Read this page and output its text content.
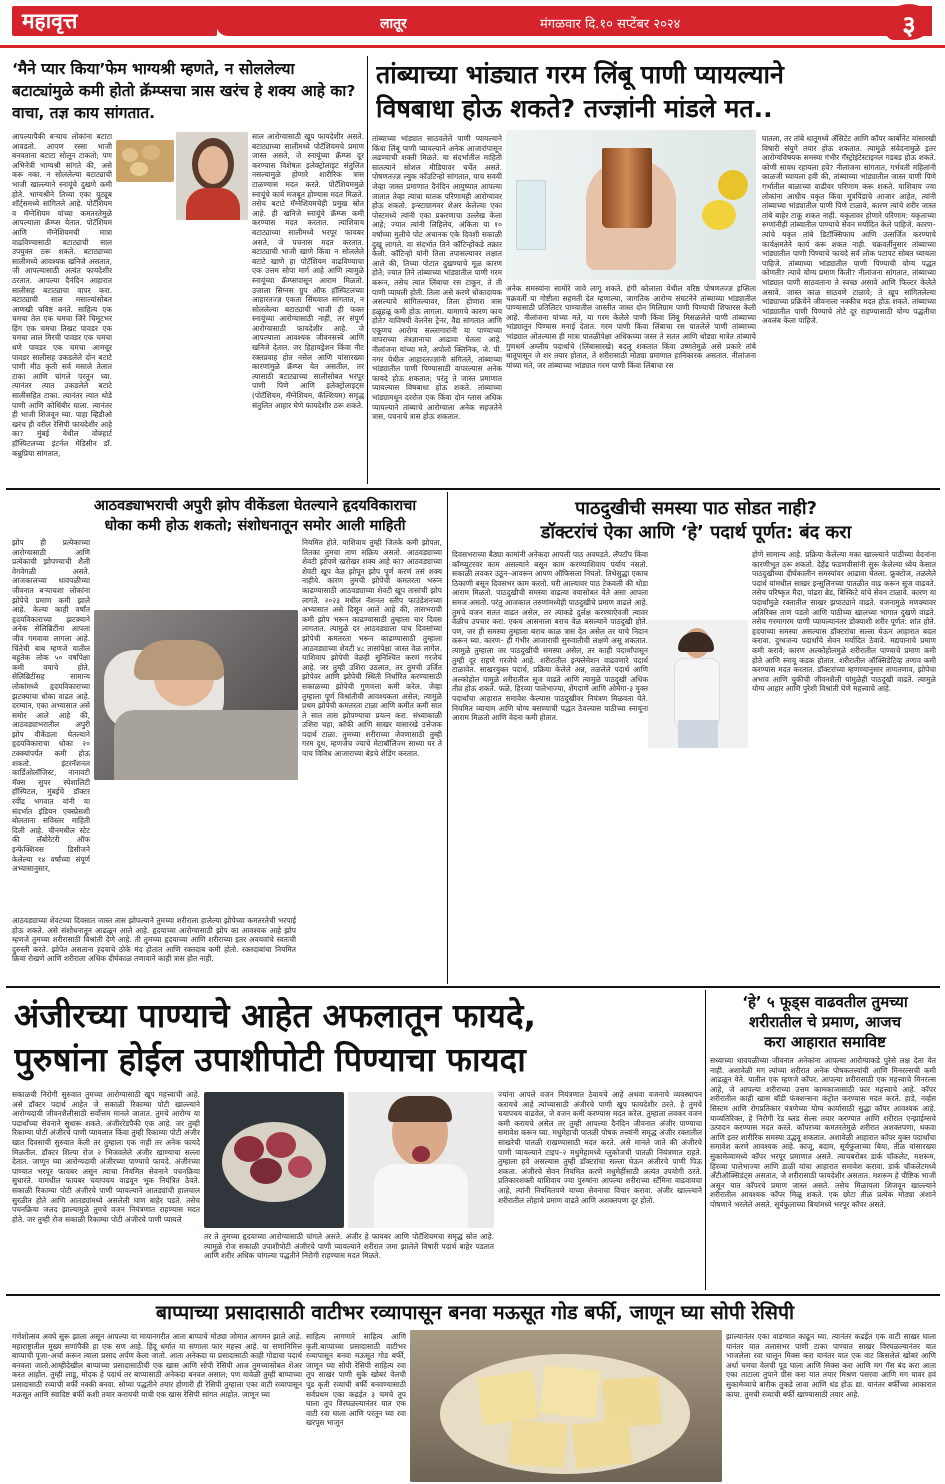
महावृत्त	लातूर	मंगळवार दि.१० सप्टेंबर २०२४	३
‘मैने प्यार किया’फेम भाग्यश्री म्हणते, न सोललेल्या बटाट्यांमुळे कमी होतो क्रॅम्प्सचा त्रास खरंच हे शक्य आहे का? वाचा, तज्ञ काय सांगतात.
आपल्यापैकी बऱ्याच लोकांना बटाटा आवडतो. आपण रस्सा भाजी बनवताना बटाटा सोलून टाकतो; पण अभिनेत्री भाग्यश्री सांगते की, असे करू नका. न सोललेल्या बटाट्याची भाजी खाल्ल्याने स्नायूंचे दुखणे कमी होते. भाग्यश्रीने तिच्या एका यूट्यूब शॉर्ट्समध्ये सांगितले आहे. पोटॅशियम व मॅग्नेशियम यांच्या कमतरतेमुळे आपल्याला क्रॅम्प्स येतात. पोटॅशियम आणि मॅग्नेशियमची मात्रा वाढविण्यासाठी बटाट्याची साल उपयुक्त ठरू शकते. बटाट्याच्या सालीमध्ये आवश्यक खनिजे असतात, जी आपल्यासाठी अत्यंत फायदेशीर ठरतात. आपल्या दैनंदिन आहारात सालीसह बटाट्याचा वापर करा. बटाट्याची साल मसाल्यांसोबत आणखी चविष्ट बनते. साहित्य एक चमचा तेल एक चमचा जिरे चिमूटभर हिंग एक चमचा तिखट पावडर एक चमचा लाल मिरची पावडर एक चमचा धणे पावडर एक चमचा आमचूर पावडर सालीसह उकडलेले दोन बटाटे पाणी मीठ कृती सर्व मसाले तेलात टाका आणि चांगले परतून घ्या. त्यानंतर त्यात उकडलेले बटाटे सालीसहित टाका. त्यानंतर त्यात थोडे पाणी आणि कोथिंबीर घाला. त्यानंतर ही भाजी शिजवून घ्या. पाहा व्हिडीओ खरंच ही वरील रेसिपी फायदेशीर आहे का? मुंबई येथील वोक्हार्ट हॉस्पिटलच्या इंटर्नल मेडिसीन डॉ. कन्नुप्रिया सांगतात,
साल आरोग्यासाठी खूप फायदेशीर असते. बटाट्याच्या सालीमध्ये पोटॅशियमचे प्रमाण जास्त असते, जे स्नायूंच्या क्रॅम्प्स दूर करण्यास विशेषतः इलेक्ट्रोलाइट संतुलित नसल्यामुळे होणारे शारीरिक त्रास टाळण्यास मदत करते. पोटॅशियममुळे स्नायूंचे कार्य मजबूत होण्यास मदत मिळते. तसेच बटाटे मॅग्नेशियमचेही प्रमुख स्रोत आहे. ही खनिजे स्नायूंचे क्रॅम्प्स कमी करण्यास मदत करतात. त्याशिवाय बटाट्याच्या सालीमध्ये भरपूर फायबर असते, जे पचनास मदत करतात. बटाट्याची भाजी खाणे किंवा न सोललेले बटाटे खाणे हा पोटॅशियम वाढविण्याचा एक उत्तम सोपा मार्ग आहे आणि त्यामुळे स्नायूंच्या क्रॅम्प्सपासून आराम मिळतो. उजाला सिग्नस ग्रुप ऑफ हॉस्पिटलच्या आहारतज्ज्ञ एकता सिंघवाल सांगतात, न सोललेल्या बटाट्याची भाजी ही फक्त स्नायूंच्या आरोग्यासाठी नाही, तर संपूर्ण आरोग्यासाठी फायदेशीर आहे. जे आपल्याला आवश्यक जीवनसत्त्वे आणि खनिजे देतात. जर हिहायड्रेशन किंवा नीट रक्तप्रवाह होत नसेल आणि यांसारख्या कारणांमुळे क्रॅम्प्स येत असतील, तर त्यासाठी बटाट्याच्या सालीसोबत भरपूर पाणी पिणे आणि इलेक्ट्रोलाइट्स (पोटॅशियम, मॅग्नेशियम, कॅल्शियम) समृद्ध संतुलित आहार घेणे फायदेशीर ठरू शकते.
तांब्याच्या भांड्यात गरम लिंबू पाणी प्यायल्याने
विषबाधा होऊ शकते? तज्ज्ञांनी मांडले मत..
तांब्याच्या भांड्यात साठवलेले पाणी प्यायल्याने किंवा लिंबू पाणी प्यायल्याने अनेक आजारांपासून लढण्याची शक्ती मिळते. या संदर्भातील माहिती सातत्याने सोशल मीडियावर चर्चेत असते. पोषणतज्ज्ञ ल्युक कॉउटिन्हो सांगतात, याच सवयी जेव्हा जास्त प्रमाणात दैनंदिन आयुष्यात आपल्या जातात तेव्हा त्याचा घातक परिणामही आरोग्यावर होऊ शकतो. इन्स्टाग्रामवर शेअर केलेल्या एका पोस्टमध्ये त्यांनी एका प्रकरणाचा उल्लेख केला आहे; ज्यात त्यांनी लिहिलेय, अंकिता या १० वर्षांच्या मुलीचे पोट अचानक एके दिवशी सकाळी दुखू लागले. या संदर्भात तिने कॉटिन्होंकडे तक्रार केली. कॉटिन्हो यांनी तिला तपासल्यावर लक्षात आले की, तिच्या पोटात दुखण्याचे मूळ कारण होते; ज्यात तिने तांब्याच्या भांड्यातील पाणी गरम करून, तसेच त्यात लिंबाचा रस टाकून, ते ती पाणी प्यायली होती. तिला असे करणे धोकादायक असल्याचे सांगितल्यावर, तिला होणारा त्रास हळूहळू कमी होऊ लागला. यामागचे कारण काय होते? याविषयी वेलनेस ट्रेनर, वैद्य सांगतात आणि एकूणच आरोग्य सल्लागारांनी या पाण्याच्या वापराच्या तंत्रज्ञानाचा आढावा घेतला आहे. नीलांजना यांच्या मते, अपोलो क्लिनिक, जे. पी. नगर येथील आहारतज्ज्ञांनी संगितले, तांब्याच्या भांड्यातील पाणी पिण्यासाठी वापरल्यास अनेक फायदे होऊ शकतात; परंतु ते जास्त प्रमाणात प्यायल्यास विषबाधा होऊ शकते. तांब्याच्या भांड्यामधून दररोज एक किंवा दोन ग्लास अधिक प्यायल्याने तांब्याचे आरोग्याला अनेक सहजतेने त्रास, पचनाचे त्रास होऊ शकतात.
अनेक समस्यांना सामोरे जावे लागू शकते. हंगी कोलाला येथील वरिष्ठ पोषणतज्ज्ञ इप्सिता चक्रवर्ती या गोष्टीला सहमती देत म्हणाल्या, जागतिक आरोग्य संघटनेने तांब्याच्या भांड्यातील पाण्यासाठी प्रतिलिटर पाण्यातील जास्तीत जास्त दोन मिलिग्राम पाणी पिण्याची शिफारस केली आहे. नीलांजना यांच्या मते, या गरम केलेले पाणी किंवा लिंबू मिसळलेले पाणी तांब्याच्या भांड्यातून पिण्यास मनाई देतात. गरम पाणी किंवा लिंबाचा रस यातलेले पाणी तांब्याच्या भांड्यात ओतल्यास ही मात्रा पातळीपेक्षा अधिकच्या जस्त ते सतत आणि थोड्या मात्रेत तांब्याचे गुणधर्म अम्लीय पदार्थाचे (लिंबासारखे) बदलू शकतात किंवा उष्णतेमुळे असे प्रकारे तांबे धातूपासून जे शर तयार होतात, ते शरीरासाठी मोठ्या प्रमाणात हानिकारक असतात. नीलांजना यांच्या मते, जर तांब्याच्या भांड्यात गरम पाणी किंवा लिंबाचा रस
घातला, तर तांबे धातूमध्ये ॲसिटेट आणि कॉपर कार्बोनेट यांसारखी विषारी संयुगे तयार होऊ शकतात. त्यामुळे संवेदनामुळे इतर आरोग्यविषयक समस्या गंभीर गॅस्ट्रोइंटेस्टाइनल गडबड होऊ शकते. कोणी सावध रहायला हवे? नीलांजना सांगतात, गर्भवती महिलांनी काळजी घ्यायला हवी की, तांब्याच्या भांड्यातील जास्त पाणी पिणे गर्भातील बाळाच्या वाढीवर परिणाम करू शकते. याशिवाय ज्या लोकांना आधीच यकृत किंवा मूत्रपिंडाचे आजार आहेत, त्यांनी तांब्याच्या भांड्यातील पाणी पिणे टाळावे, कारण त्यांचे शरीर जास्त तांबे बाहेर टाकू शकत नाही. यकृतावर होणारे परिणाम: यकृताच्या रुग्णांनीही तांब्यातील पाण्याचे सेवन मर्यादित केले पाहिजे. कारण– त्यांचे यकृत तांबे डिटॉक्सिफाय आणि उत्सर्जित करण्याचे कार्यक्षमतेने कार्य करू शकत नाही. चक्रवर्तीनुसार तांब्याच्या भांड्यातील पाणी पिण्याचे फायदे सर्व लोक पटापट सोबत घ्यायला पाहिजे. तांब्याच्या भांड्यातील पाणी पिण्याची योग्य पद्धत कोणती? त्याचे योग्य प्रमाण किती? नीलांजना सांगतात, तांब्याच्या भांड्यात पाणी साठवताना ते स्वच्छ असावे आणि फिल्टर केलेले असावे. जास्त काळ साठवणे टाळावे; ते खूप सांगितलेल्या भांड्याच्या प्रक्रियेने जीवनाला नक्कीच मदत होऊ शकते. तांब्याच्या भांड्यातील पाणी पिण्याचे तोटे दूर राहण्यासाठी योग्य पद्धतीचा अवलंब केला पाहिजे.
आठवड्याभराची अपुरी झोप वीकेंडला घेतल्याने हृदयविकाराचा
धोका कमी होऊ शकतो; संशोधनातून समोर आली माहिती
झोप ही प्रत्येकाच्या आरोग्यासाठी आणि प्रत्येकाची झोपण्याची शैली वेगवेगळी असते. आजकालच्या धावपळीच्या जीवनात बर्‍याचशा लोकांना झोपेचे प्रमाण कमी झाले आहे. केल्या काही वर्षांत हृदयविकाराच्या झटक्याने अनेक सेलिब्रिटींना आपला जीव गमवावा लागला आहे. चिंतेची बाब म्हणजे यातील बहुतेक लोक ५० वर्षांपेक्षा कमी वयाचे होते. सेलिब्रिटींसह सामान्य लोकांमध्ये हृदयविकाराच्या झटक्याचा धोका वाढत आहे. दरम्यान, एका अभ्यासात असे समोर आले आहे की, आठवड्याभरातील अपुरी झोप वीकेंडला घेतल्याने हृदयविकाराचा धोका २० टक्क्यांपर्यंत कमी होऊ शकतो. इंटरनॅशनल कार्डिओलॉजिस्ट, नानावटी मॅक्स सुपर स्पेशालिटी हॉस्पिटल, मुंबईचे डॉक्टर रवींद्र भगवात यांनी या संदर्भात इंडियन एक्स्प्रेसशी बोलताना सविस्तर माहिती दिली आहे. चीनमधील स्टेट की लॅबोरेटरी ऑफ इन्फेक्शियस डिसीजने केलेल्या १४ वर्षांच्या संपूर्ण अभ्यासानुसार,
आठवड्याच्या शेवटच्या दिवसात जास्त तास झोपल्याने तुमच्या शरीराला हालेल्या झोपेच्या कमतरतेची भरपाई होऊ शकते. असे संशोधनातून आढळून आले आहे. हृदयाच्या आरोग्यासाठी झोप का आवश्यक आहे झोप म्हणजे तुमच्या शरीरासाठी विश्रांती देणे आहे. ती तुमच्या हृदयाच्या आणि शरीराच्या इतर अवयवांचे स्वतःची दुरुस्ती करते. झोपेत असताना ह्दयाचे ठोके मंद होतात आणि रक्तदाब कमी होतो. रक्तदाबांचा नियमित क्रिया रोखणे आणि शरीराला अधिक दीर्घकाळ तणावाने काही त्रास होत नाही.
नियमित होते. याशिवाय तुम्ही जितके कमी झोपता, तितका तुमचा ताण सक्रिय असतो. आठवड्याच्या शेवटी झोपणे खरोखर शक्य आहे का? आठवड्याच्या शेवटी खूप वेळ झोपून झोप पूर्ण करणं तसं शक्य नाहीये. कारण तुमची झोपेची कमतरता भरून काढण्यासाठी आठवड्याच्या शेवटी खूप तासांची झोप लागते. २०२३ मधील नॅशनल स्लीप फाउंडेशनच्या अभ्यासात असे दिसून आले आहे की, तासभराची कमी झोप भरून काढण्यासाठी तुम्हाला चार दिवस लागतात. त्यामुळे दर आठवड्याला पाच दिवसांच्या झोपेची कमतरता भरून काढण्यासाठी तुम्हाला आठवड्याच्या शेवटी ४८ तासांपेक्षा जास्त वेळ लागेल. याशिवाय झोपेची वेळही सुनिश्चित करणं गरजेचं आहे. जर तुम्ही उशिरा उठलात, तर तुमची उर्जित झोपेवर आणि झोपेची स्थिती निर्धारित करण्यासाठी सकाळच्या झोपेची गुणवत्ता कमी करेल. जेव्हा तुम्हाला पूर्ण विश्रांतीची आवश्यकता असेल; त्यामुळे प्रथम झोपेची कमतरता टाळा आणि कमीत कमी सात ते सात तास झोपण्याचा प्रयत्न करा. संध्याकाळी उशिरा चहा, कॉफी आणि साखर यासारखे उत्तेजक पदार्थ टाळा. तुमच्या शरीराच्या जेवणासाठी तुम्ही गरम दूध, म्हणजेच ज्याचे मेटाबॉलिज्म साध्या घर ते पाच विविध आजाराच्या बेडचे शेडिंग करतात.
पाठदुखीची समस्या पाठ सोडत नाही?
डॉक्टरांचं ऐका आणि ‘हे’ पदार्थ पूर्णत: बंद करा
दिवसभराच्या बैठ्या कामांनी अनेकदा आपली पाठ अवघडते. लॅपटॉप किंवा कॉम्प्युटरवर काम असल्याने बसून काम करण्याशिवाय पर्याय नसतो. सकाळी लवकर उठून–आवरून आपण ऑफिसला निघतो. तिथेसुद्धा एकाच ठिकाणी बसून दिवसभर काम करतो. घरी आल्यावर पाठ टेकवली की थोडा आराम मिळतो. पाठदुखीची समस्या वाढत्या वयासोबत येते असा आपला समज असतो. परंतु आजकाल तरुणांमध्येही पाठदुखीचे प्रमाण वाढले आहे. तुमचे वजन सतत वाढत असेल, तर त्याकडे दुर्लक्ष करण्याऐवजी त्यावर वेळीच उपचार करा. एकच आसनाला बराच वेळ बसल्याने पाठदुखी होते. पण, जर ही समस्या तुम्हाला बराच काळ त्रास देत असेल तर याचे निदान करून घ्या. कारण– ही गंभीर आजाराची सुरुवातीची लक्षणे असू शकतात. त्यामुळे तुम्हाला जर पाठदुखीची समस्या असेल, तर काही पदार्थांपासून तुम्ही दूर राहणे गरजेचे आहे. शरीरातील इन्फ्लेमेशन वाढवणारे पदार्थ टाळावेत. साखरयुक्त पदार्थ, प्रक्रिया केलेले अन्न, तळलेले पदार्थ आणि अल्कोहोल यामुळे शरीरातील सूज वाढते आणि त्यामुळे पाठदुखी अधिक तीव्र होऊ शकते. फळे, हिरव्या पालेभाज्या, शेंगदाणे आणि ओमेगा-३ युक्त पदार्थांचा आहारात समावेश केल्यास पाठदुखीवर नियंत्रण मिळवता येते. नियमित व्यायाम आणि योग्य बसण्याची पद्धत ठेवल्यास पाठीच्या स्नायूंना आराम मिळतो आणि वेदना कमी होतात.
होणे सामान्य आहे. प्रक्रिया केलेल्या मका खाल्ल्याने पाठीच्या वेदनांना कारणीभूत ठरू शकतो. देहेंद्र फडणवीसांनी सुरू केलेल्या ध्येय केसात पाठदुखीच्या दीर्घकालीन समस्यांवर आढावा घेतला. फ्रूक्टोज, तळलेले पदार्थ यांमधील साखर इन्सुलिनच्या पातळीत वाढ करून सूज वाढवते. तसेच परिष्कृत मैदा, पांढरा ब्रेड, बिस्किटे यांचे सेवन टाळावे. कारण या पदार्थांमुळे रक्तातील साखर झपाट्याने वाढते. वजनामुळे मणक्यावर अतिरिक्त ताण पडतो आणि पाठीच्या खालच्या भागात दुखणे वाढते. तसेच गरमागरम पाणी प्यायल्यानंतर डोक्याशी शरीर पूर्णत: शांत होते. हृदयाच्या समस्या असल्यास डॉक्टरांचा सल्ला घेऊन आहारात बदल करावा. दुग्धजन्य पदार्थांचे सेवन मर्यादित ठेवावे. मद्यपानाचे प्रमाण कमी करावे; कारण अल्कोहोलमुळे शरीरातील पाण्याचे प्रमाण कमी होते आणि स्नायू कडक होतात. शरीरातील ऑक्सिडेटिव्ह तणाव कमी करण्यास मदत करतात. डॉक्टरांच्या म्हणण्यानुसार ताणतणाव, झोपेचा अभाव आणि चुकीची जीवनशैली यांमुळेही पाठदुखी वाढते. त्यामुळे योग्य आहार आणि पुरेशी विश्रांती घेणे महत्त्वाचे आहे.
अंजीरच्या पाण्याचे आहेत अफलातून फायदे,
पुरुषांना होईल उपाशीपोटी पिण्याचा फायदा
सकाळची निरोगी सुरुवात तुमच्या आरोग्यासाठी खूप महत्त्वाची आहे. असे डॉक्टर पदार्थ आहेत जे सकाळी रिकाम्या पोटी खाल्ल्याने आरोग्यदायी जीवनशैलीसाठी सर्वोत्तम मानले जातात. तुमचे आरोग्य या पदार्थांच्या सेवनाने सुधारू शकते. अंजीररेडपैकी एक आहे. जर तुम्ही रिकाम्या पोटी अंजीरचे पाणी प्यायलात किंवा तुम्ही रिकाम्या पोटी अंजीर खात दिवसाची सुरुवात केली तर तुम्हाला एक नाही तर अनेक फायदे मिळतील. डॉक्टर शिल्पा रोज २ भिजवलेले अंजीर खाण्याचा सल्ला देतात. जाणून घ्या आरोग्यदायी अंजीरच्या पाण्याचे फायदे. अंजीरच्या पाण्यात भरपूर फायबर असून त्याचा नियमित सेवनाने पचनक्रिया सुधारते. यामधील फायबर चयापचय वाढवून भूक नियंत्रित ठेवते. सकाळी रिकाम्या पोटी अंजीरचे पाणी प्यायल्याने आतड्यांची हालचाल सुरळीत होते आणि आतड्यांमध्ये असलेली घाण बाहेर पडते. तसेच पचनक्रिया जलद झाल्यामुळे तुमचे वजन नियंत्रणात राहण्यास मदत होते. जर तुम्ही रोज सकाळी रिकाम्या पोटी अंजीरचे पाणी प्यायले
तर ते तुमच्या हृदयाच्या आरोग्यासाठी चांगले असते. अंजीर हे फायबर आणि पोटॅशियमचा समृद्ध स्रोत आहे. त्यामुळे रोज सकाळी उपाशीपोटी अंजीरचे पाणी प्यायल्याने शरीरात जमा झालेले विषारी पदार्थ बाहेर पडतात आणि शरीर अधिक चांगल्या पद्धतीने निरोगी राहण्यास मदत मिळते.
ज्यांना आपले वजन नियंत्रणात ठेवायचे आहे अथवा वजनाचे व्यवस्थापन करायचे आहे त्यांच्यासाठी अंजीरचे पाणी खूप फायदेशीर ठरते. हे तुमचे चयापचय वाढवेल, जे वजन कमी करण्यास मदत करेल. तुम्हाला लवकर वजन कमी करायचे असेल तर तुम्ही आपल्या दैनंदिन जीवनात अंजीर पाण्याचा समावेश करून घ्या. मधुमेहाची पातळी पोषक तत्त्वांनी समृद्ध अंजीर रक्तातील साखरेची पातळी राखण्यासाठी मदत करते. असे मानले जाते की अंजीरचे पाणी प्यायल्याने टाइप–२ मधुमेहामध्ये ग्लुकोजची पातळी नियंत्रणात राहते. तुम्हाला हवे असल्यास तुम्ही डॉक्टरांचा सल्ला घेऊन अंजीरचे पाणी पिऊ शकता. अंजीरचे सेवन नियमित करणे मधुमेहींसाठी अत्यंत उपयोगी ठरते. प्रतिकारशक्ती याशिवाय ज्या पुरुषांना आपल्या शरीराच्या स्टॅमिना वाढवायचा आहे, त्यांनी नियमितपणे याच्या सेवनाचा विचार करावा. अंजीर खाल्ल्याने शरीरातील लोहाचे प्रमाण वाढते आणि अशक्तपणा दूर होतो.
‘हे’ ५ फूड्स वाढवतील तुमच्या
शरीरातील चे प्रमाण, आजच
करा आहारात समाविष्ट
सध्याच्या धावपळीच्या जीवनात अनेकांना आपल्या आरोग्याकडे पुरेसे लक्ष देता येत नाही. अशावेळी मग त्यांच्या शरीरात अनेक पोषकतत्त्वांची आणि मिनरल्सची कमी आढळून येते. यातील एक म्हणजे कॉपर. आपल्या शरीरासाठी एक महत्त्वाचे मिनरल्स आहे, जे आपल्या शरीराच्या उत्तम कामकाजासाठी फार महत्त्वाचे आहे. कॉपर शरीरातील काही खास बॉडी फंक्शन्सना कंट्रोल करण्यास मदत करते. हाडे, नर्व्हस सिस्टम आणि रोगप्रतिकार यंत्रणेच्या योग्य कार्यासाठी सुद्धा कॉपर आवश्यक आहे. याव्यतिरिक्त, हे निरोगी रेड ब्लड सेल्स तयार करण्यात आणि शरीरात एन्झाईम्सचे उत्पादन करण्यास मदत करते. कॉपरच्या कमतरतेमुळे शरीरात अशक्तपणा, थकवा आणि इतर शारीरिक समस्या उद्भवू शकतात. अशावेळी आहारात कॉपर युक्त पदार्थांचा समावेश करणे आवश्यक आहे. काजू, बदाम, सूर्यफुलाच्या बिया, तीळ यांसारख्या सुकामेव्यामध्ये कॉपर भरपूर प्रमाणात असते. त्याचबरोबर डार्क चॉकलेट, मशरूम, हिरव्या पालेभाज्या आणि डाळी यांचा आहारात समावेश करावा. डार्क चॉकलेटमध्ये अँटीऑक्सिडंट्स असतात, जे शरीरासाठी फायदेशीर असतात. मशरूम हे पौष्टिक भाजी असून यात कॉपरचे प्रमाण जास्त असते. तसेच मिळायला शिजवून खाल्ल्याने शरीरातील आवश्यक कॉपर मिळू शकते. एक छोटा तीळ प्रत्येक मोठ्या अंशाने पोषणाने भरलेले असते. सूर्यफुलाच्या बियांमध्ये भरपूर कॉपर असते.
बाप्पाच्या प्रसादासाठी वाटीभर रव्यापासून बनवा मऊसूत गोड बर्फी, जाणून घ्या सोपी रेसिपी
गणेशोत्सव अवघे सुरू झाला असून आपल्या या मायानगरीत आता बाप्पाचे मोठ्या जोमात आगमन झाले आहे. महाराष्ट्रातील मुख्य सणांपैकी हा एक सण आहे. हिंदू धर्मात या सणाला फार महत्त्व आहे. या सणानिमित्त बाप्पाची पूजा–अर्चा करून त्याला प्रसाद अर्पण केला जातो. आता अनेकदा या प्रसादासाठी काही गोडाचा पदार्थ बनवला जातो.आम्हीदेखील बाप्पाच्या प्रसादासाठीची एक खास आणि सोपी रेसिपी आज तुमच्यासोबत शेअर करत आहोत. तुम्ही लाडू, मोदक हे पदार्थ तर बाप्पासाठी अनेकदा बनवत असाल; पण यावेळी तुम्ही बाप्पाच्या प्रसादासाठी रव्याची बर्फी नक्की बनवा. सोप्या पद्धतीने तयार होणारी ही रेसिपी तुम्हाला एका वाटी रव्यापासून मऊसूत आणि स्वादिष्ट बर्फी कशी तयार करायची याची एक खास रेसिपी सांगत आहोत. जाणून घ्या
साहित्य लागणारे साहित्य आणि कृती.बाप्पाच्या प्रसादासाठी वाटीभर रव्यापासून बनवा मऊसूत गोड बर्फी, जाणून घ्या सोपी रेसिपी साहित्य रवा तूप साखर पाणी सुके खोबरं वेलची पूड कृती रव्याची बर्फी बनवण्यासाठी सर्वप्रथम एका कढईत ३ चमचे तूप घाला तूप विरघळल्यानंतर यात एक वाटी रवा घाला आणि परतून घ्या रवा खरपूस भाजून
झाल्यानंतर एका वाडग्यात काढून घ्या. त्यानंतर कढईत एक वाटी साखर घाला यानंतर यात तलासभर पाणी टाका पाण्यात साखर विरघळल्यानंतर यात भाजलेला रवा घालून मिक्स करा यानंतर यात एक वाट किसलेलं खोबरं आणि अर्धा चमचा वेलची पूड घाला आणि मिक्स करा आणि मग गॅस बंद करा आता एका ताटाला तुपाने ग्रीस करा यात तयार मिश्रण पसरवा आणि मग यावर हवं सुकामेव्याचे बारीक तुकडे लावा आणि थंड होऊ द्या. यानंतर बर्फीच्या आकारात कापा. तुमची रव्याची बर्फी खाण्यासाठी तयार आहे.
